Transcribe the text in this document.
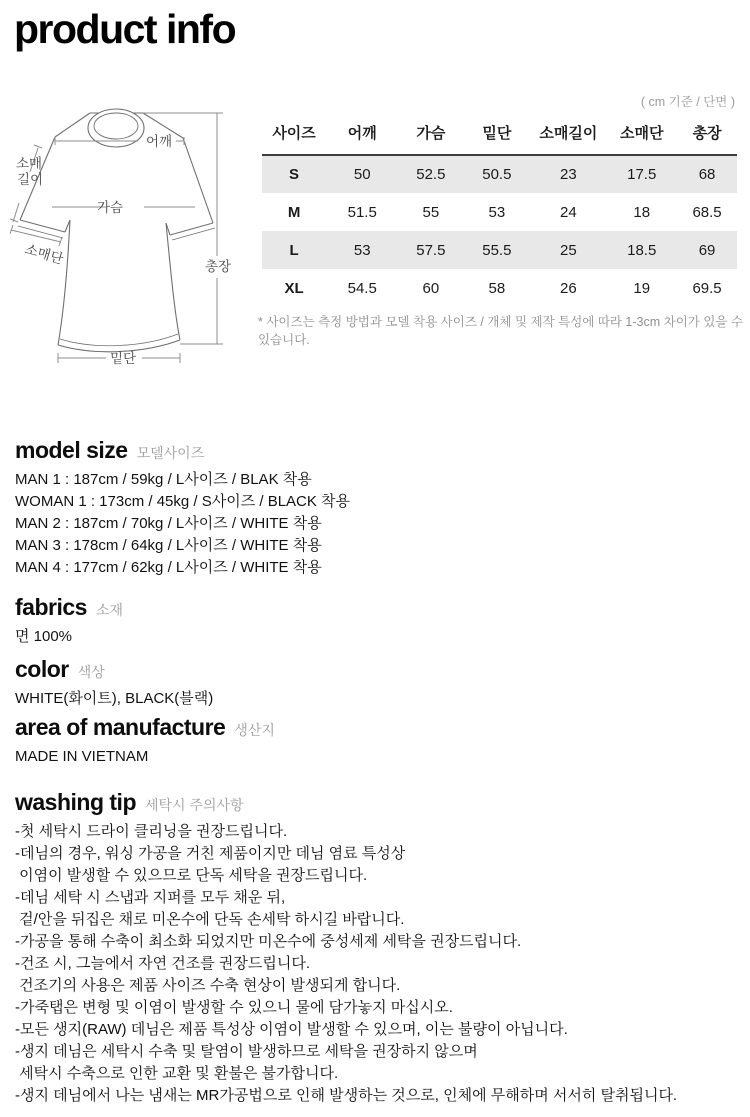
product info
어깨
소매
길이
가슴
소매단	총장
밑단
( cm 기준 / 단면 )
사이즈	어깨	가슴	밑단	소매길이	소매단	총장
S	50	52.5	50.5	23	17.5	68
M	51.5	55	53	24	18	68.5
L	53	57.5	55.5	25	18.5	69
XL	54.5	60	58	26	19	69.5
* 사이즈는 측정 방법과 모델 착용 사이즈 / 개체 및 제작 특성에 따라 1-3cm 차이가 있을 수 있습니다.
model size 모델사이즈
MAN 1 : 187cm / 59kg / L사이즈 / BLAK 착용
WOMAN 1 : 173cm / 45kg / S사이즈 / BLACK 착용
MAN 2 : 187cm / 70kg / L사이즈 / WHITE 착용
MAN 3 : 178cm / 64kg / L사이즈 / WHITE 착용
MAN 4 : 177cm / 62kg / L사이즈 / WHITE 착용
fabrics 소재
면 100%
color 색상
WHITE(화이트), BLACK(블랙)
area of manufacture 생산지
MADE IN VIETNAM
washing tip 세탁시 주의사항
-첫 세탁시 드라이 클리닝을 권장드립니다.
-데님의 경우, 워싱 가공을 거친 제품이지만 데님 염료 특성상
이염이 발생할 수 있으므로 단독 세탁을 권장드립니다.
-데님 세탁 시 스냅과 지퍼를 모두 채운 뒤,
겉/안을 뒤집은 채로 미온수에 단독 손세탁 하시길 바랍니다.
-가공을 통해 수축이 최소화 되었지만 미온수에 중성세제 세탁을 권장드립니다.
-건조 시, 그늘에서 자연 건조를 권장드립니다.
건조기의 사용은 제품 사이즈 수축 현상이 발생되게 합니다.
-가죽탭은 변형 및 이염이 발생할 수 있으니 물에 담가놓지 마십시오.
-모든 생지(RAW) 데님은 제품 특성상 이염이 발생할 수 있으며, 이는 불량이 아닙니다.
-생지 데님은 세탁시 수축 및 탈염이 발생하므로 세탁을 권장하지 않으며
세탁시 수축으로 인한 교환 및 환불은 불가합니다.
-생지 데님에서 나는 냄새는 MR가공법으로 인해 발생하는 것으로, 인체에 무해하며 서서히 탈취됩니다.
